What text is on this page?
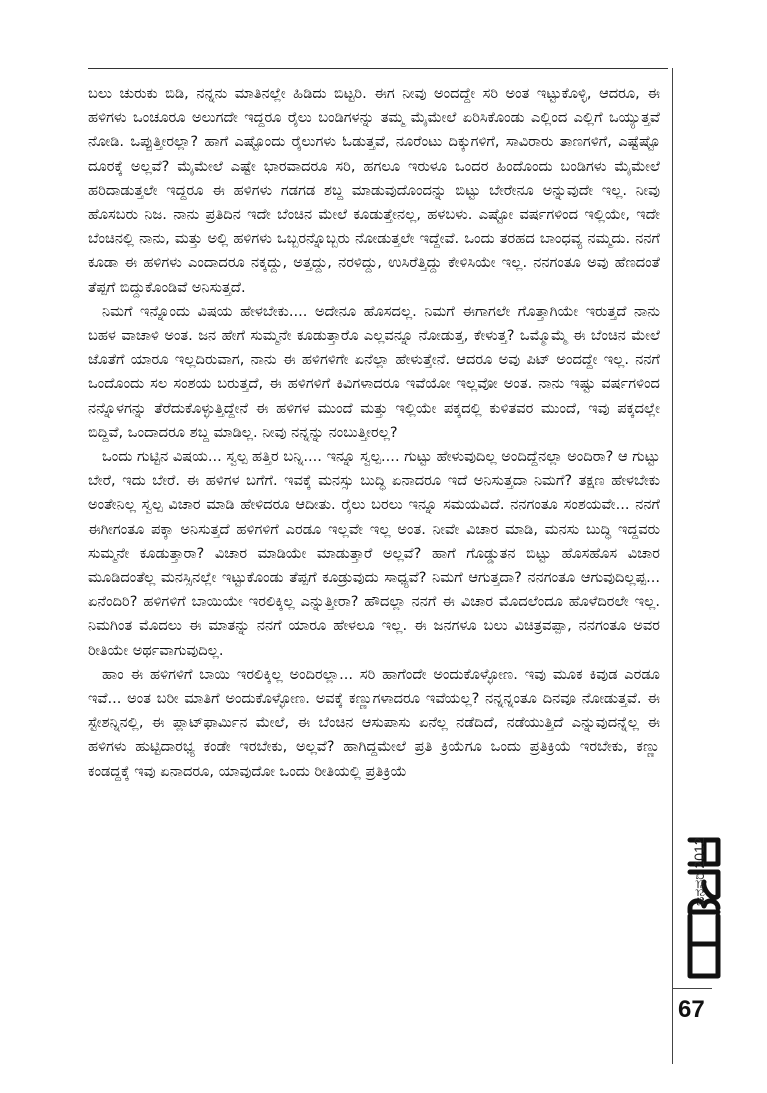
ಬಲು ಚುರುಕು ಬಿಡಿ, ನನ್ನನು ಮಾತಿನಲ್ಲೇ ಹಿಡಿದು ಬಿಟ್ಟರಿ. ಈಗ ನೀವು ಅಂದದ್ದೇ ಸರಿ ಅಂತ ಇಟ್ಟುಕೊಳ್ಳಿ, ಆದರೂ, ಈ ಹಳಿಗಳು ಒಂಚೂರೂ ಅಲುಗದೇ ಇದ್ದರೂ ರೈಲು ಬಂಡಿಗಳನ್ನು ತಮ್ಮ ಮೈಮೇಲೆ ಏರಿಸಿಕೊಂಡು ಎಲ್ಲಿಂದ ಎಲ್ಲಿಗೆ ಒಯ್ಯುತ್ತವೆ ನೋಡಿ. ಒಪ್ಪುತ್ತೀರಲ್ಲಾ? ಹಾಗೆ ಎಷ್ಟೊಂದು ರೈಲುಗಳು ಓಡುತ್ತವೆ, ನೂರೆಂಟು ದಿಕ್ಕುಗಳಿಗೆ, ಸಾವಿರಾರು ತಾಣಗಳಿಗೆ, ಎಷ್ಟೆಷ್ಟೊ ದೂರಕ್ಕೆ ಅಲ್ಲವೆ? ಮೈಮೇಲೆ ಎಷ್ಟೇ ಭಾರವಾದರೂ ಸರಿ, ಹಗಲೂ ಇರುಳೂ ಒಂದರ ಹಿಂದೊಂದು ಬಂಡಿಗಳು ಮೈಮೇಲೆ ಹರಿದಾಡುತ್ತಲೇ ಇದ್ದರೂ ಈ ಹಳಿಗಳು ಗಡಗಡ ಶಬ್ದ ಮಾಡುವುದೊಂದನ್ನು ಬಿಟ್ಟು ಬೇರೇನೂ ಅನ್ನುವುದೇ ಇಲ್ಲ. ನೀವು ಹೊಸಬರು ನಿಜ. ನಾನು ಪ್ರತಿದಿನ ಇದೇ ಬೆಂಚಿನ ಮೇಲೆ ಕೂಡುತ್ತೇನಲ್ಲ, ಹಳಬಳು. ಎಷ್ಟೋ ವರ್ಷಗಳಿಂದ ಇಲ್ಲಿಯೇ, ಇದೇ ಬೆಂಚಿನಲ್ಲಿ ನಾನು, ಮತ್ತು ಅಲ್ಲಿ ಹಳಿಗಳು ಒಬ್ಬರನ್ನೊಬ್ಬರು ನೋಡುತ್ತಲೇ ಇದ್ದೇವೆ. ಒಂದು ತರಹದ ಬಾಂಧವ್ಯ ನಮ್ಮದು. ನನಗೆ ಕೂಡಾ ಈ ಹಳಿಗಳು ಎಂದಾದರೂ ನಕ್ಕದ್ದು, ಅತ್ತದ್ದು, ನರಳಿದ್ದು, ಉಸಿರೆತ್ತಿದ್ದು ಕೇಳಿಸಿಯೇ ಇಲ್ಲ. ನನಗಂತೂ ಅವು ಹೆಣದಂತೆ ತೆಪ್ಪಗೆ ಬಿದ್ದುಕೊಂಡಿವೆ ಅನಿಸುತ್ತದೆ.

ನಿಮಗೆ ಇನ್ನೊಂದು ವಿಷಯ ಹೇಳಬೇಕು.... ಅದೇನೂ ಹೊಸದಲ್ಲ. ನಿಮಗೆ ಈಗಾಗಲೇ ಗೊತ್ತಾಗಿಯೇ ಇರುತ್ತದೆ ನಾನು ಬಹಳ ವಾಚಾಳಿ ಅಂತ. ಜನ ಹೇಗೆ ಸುಮ್ಮನೇ ಕೂಡುತ್ತಾರೊ ಎಲ್ಲವನ್ನೂ ನೋಡುತ್ತ, ಕೇಳುತ್ತ? ಒಮ್ಮೊಮ್ಮೆ ಈ ಬೆಂಚಿನ ಮೇಲೆ ಜೊತೆಗೆ ಯಾರೂ ಇಲ್ಲದಿರುವಾಗ, ನಾನು ಈ ಹಳಿಗಳಿಗೇ ಏನೆಲ್ಲಾ ಹೇಳುತ್ತೇನೆ. ಆದರೂ ಅವು ಪಿಟ್ ಅಂದದ್ದೇ ಇಲ್ಲ. ನನಗೆ ಒಂದೊಂದು ಸಲ ಸಂಶಯ ಬರುತ್ತದೆ, ಈ ಹಳಿಗಳಿಗೆ ಕಿವಿಗಳಾದರೂ ಇವೆಯೋ ಇಲ್ಲವೋ ಅಂತ. ನಾನು ಇಷ್ಟು ವರ್ಷಗಳಿಂದ ನನ್ನೊಳಗನ್ನು ತೆರೆದುಕೊಳ್ಳುತ್ತಿದ್ದೇನೆ ಈ ಹಳಿಗಳ ಮುಂದೆ ಮತ್ತು ಇಲ್ಲಿಯೇ ಪಕ್ಕದಲ್ಲಿ ಕುಳಿತವರ ಮುಂದೆ, ಇವು ಪಕ್ಕದಲ್ಲೇ ಬಿದ್ದಿವೆ, ಒಂದಾದರೂ ಶಬ್ದ ಮಾಡಿಲ್ಲ. ನೀವು ನನ್ನನ್ನು ನಂಬುತ್ತೀರಲ್ಲ?

ಒಂದು ಗುಟ್ಟಿನ ವಿಷಯ... ಸ್ವಲ್ಪ ಹತ್ತಿರ ಬನ್ನಿ.... ಇನ್ನೂ ಸ್ವಲ್ಪ.... ಗುಟ್ಟು ಹೇಳುವುದಿಲ್ಲ ಅಂದಿದ್ದೆನಲ್ಲಾ ಅಂದಿರಾ? ಆ ಗುಟ್ಟು ಬೇರೆ, ಇದು ಬೇರೆ. ಈ ಹಳಿಗಳ ಬಗೆಗೆ. ಇವಕ್ಕೆ ಮನಸ್ಸು ಬುದ್ಧಿ ಏನಾದರೂ ಇದೆ ಅನಿಸುತ್ತದಾ ನಿಮಗೆ? ತಕ್ಷಣ ಹೇಳಬೇಕು ಅಂತೇನಿಲ್ಲ ಸ್ವಲ್ಪ ವಿಚಾರ ಮಾಡಿ ಹೇಳಿದರೂ ಆದೀತು. ರೈಲು ಬರಲು ಇನ್ನೂ ಸಮಯವಿದೆ. ನನಗಂತೂ ಸಂಶಯವೇ... ನನಗೆ ಈಗೀಗಂತೂ ಪಕ್ಕಾ ಅನಿಸುತ್ತದೆ ಹಳಿಗಳಿಗೆ ಎರಡೂ ಇಲ್ಲವೇ ಇಲ್ಲ ಅಂತ. ನೀವೇ ವಿಚಾರ ಮಾಡಿ, ಮನಸು ಬುದ್ಧಿ ಇದ್ದವರು ಸುಮ್ಮನೇ ಕೂಡುತ್ತಾರಾ? ವಿಚಾರ ಮಾಡಿಯೇ ಮಾಡುತ್ತಾರೆ ಅಲ್ಲವೆ? ಹಾಗೆ ಗೊಡ್ಡುತನ ಬಿಟ್ಟು ಹೊಸಹೊಸ ವಿಚಾರ ಮೂಡಿದಂತೆಲ್ಲ ಮನಸ್ಸಿನಲ್ಲೇ ಇಟ್ಟುಕೊಂಡು ತೆಪ್ಪಗೆ ಕೂಡ್ರುವುದು ಸಾಧ್ಯವೆ? ನಿಮಗೆ ಆಗುತ್ತದಾ? ನನಗಂತೂ ಆಗುವುದಿಲ್ಲಪ್ಪ... ಏನೆಂದಿರಿ? ಹಳಿಗಳಿಗೆ ಬಾಯಿಯೇ ಇರಲಿಕ್ಕಿಲ್ಲ ಎನ್ನುತ್ತೀರಾ? ಹೌದಲ್ಲಾ ನನಗೆ ಈ ವಿಚಾರ ಮೊದಲೆಂದೂ ಹೊಳೆದಿರಲೇ ಇಲ್ಲ. ನಿಮಗಿಂತ ಮೊದಲು ಈ ಮಾತನ್ನು ನನಗೆ ಯಾರೂ ಹೇಳಲೂ ಇಲ್ಲ. ಈ ಜನಗಳೂ ಬಲು ವಿಚಿತ್ರವಪ್ಪಾ, ನನಗಂತೂ ಅವರ ರೀತಿಯೇ ಅರ್ಥವಾಗುವುದಿಲ್ಲ.

ಹಾಂ ಈ ಹಳಿಗಳಿಗೆ ಬಾಯಿ ಇರಲಿಕ್ಕಿಲ್ಲ ಅಂದಿರಲ್ಲಾ... ಸರಿ ಹಾಗೆಂದೇ ಅಂದುಕೊಳ್ಳೋಣ. ಇವು ಮೂಕ ಕಿವುಡ ಎರಡೂ ಇವೆ... ಅಂತ ಬರೀ ಮಾತಿಗೆ ಅಂದುಕೊಳ್ಳೋಣ. ಅವಕ್ಕೆ ಕಣ್ಣುಗಳಾದರೂ ಇವೆಯಲ್ಲ? ನನ್ನನ್ನಂತೂ ದಿನವೂ ನೋಡುತ್ತವೆ. ಈ ಸ್ಟೇಶನ್ನಿನಲ್ಲಿ, ಈ ಪ್ಲಾಟ್‌ಫಾರ್ಮಿನ ಮೇಲೆ, ಈ ಬೆಂಚಿನ ಆಸುಪಾಸು ಏನೆಲ್ಲ ನಡೆದಿದೆ, ನಡೆಯುತ್ತಿದೆ ಎನ್ನುವುದನ್ನೆಲ್ಲ ಈ ಹಳಿಗಳು ಹುಟ್ಟಿದಾರಭ್ಯ ಕಂಡೇ ಇರಬೇಕು, ಅಲ್ಲವೆ? ಹಾಗಿದ್ದಮೇಲೆ ಪ್ರತಿ ಕ್ರಿಯೆಗೂ ಒಂದು ಪ್ರತಿಕ್ರಿಯೆ ಇರಬೇಕು, ಕಣ್ಣು ಕಂಡದ್ದಕ್ಕೆ ಇವು ಏನಾದರೂ, ಯಾವುದೋ ಒಂದು ರೀತಿಯಲ್ಲಿ ಪ್ರತಿಕ್ರಿಯೆ

ಜನವರಿ 2012
67
